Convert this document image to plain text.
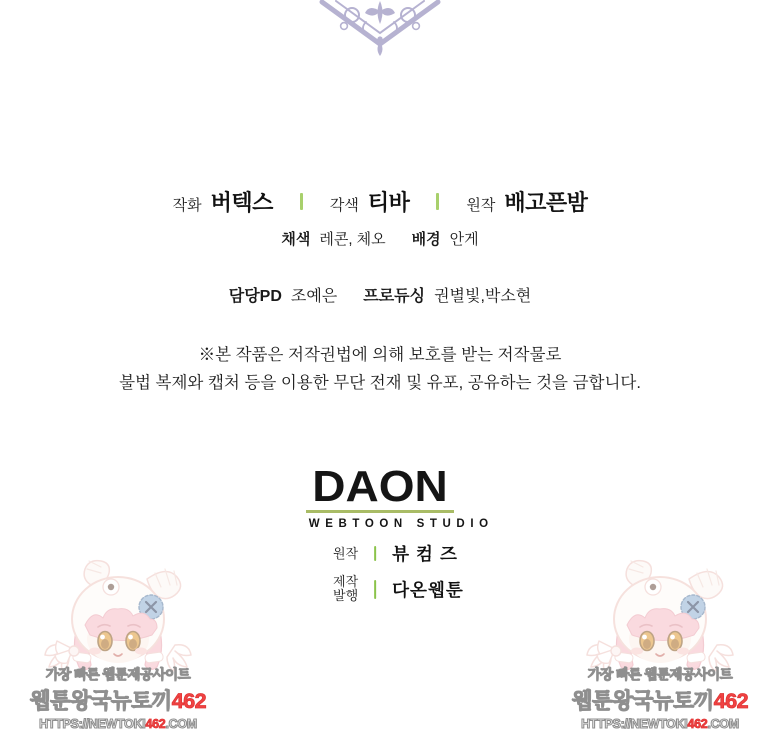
작화 버텍스	각색 티바	원작 배고픈밤
채색 레콘, 체오 배경 안게
담당PD 조예은 프로듀싱 권별빛,박소현
※본 작품은 저작권법에 의해 보호를 받는 저작물로
불법 복제와 캡처 등을 이용한 무단 전재 및 유포, 공유하는 것을 금합니다.
DAON
WEBTOON STUDIO
원작 뷰컴즈
제작
발행 다온웹툰
가장 빠른 웹툰제공사이트
웹툰왕국뉴토끼462
HTTPS://NEWTOKI462.COM
가장 빠른 웹툰제공사이트
웹툰왕국뉴토끼462
HTTPS://NEWTOKI462.COM
